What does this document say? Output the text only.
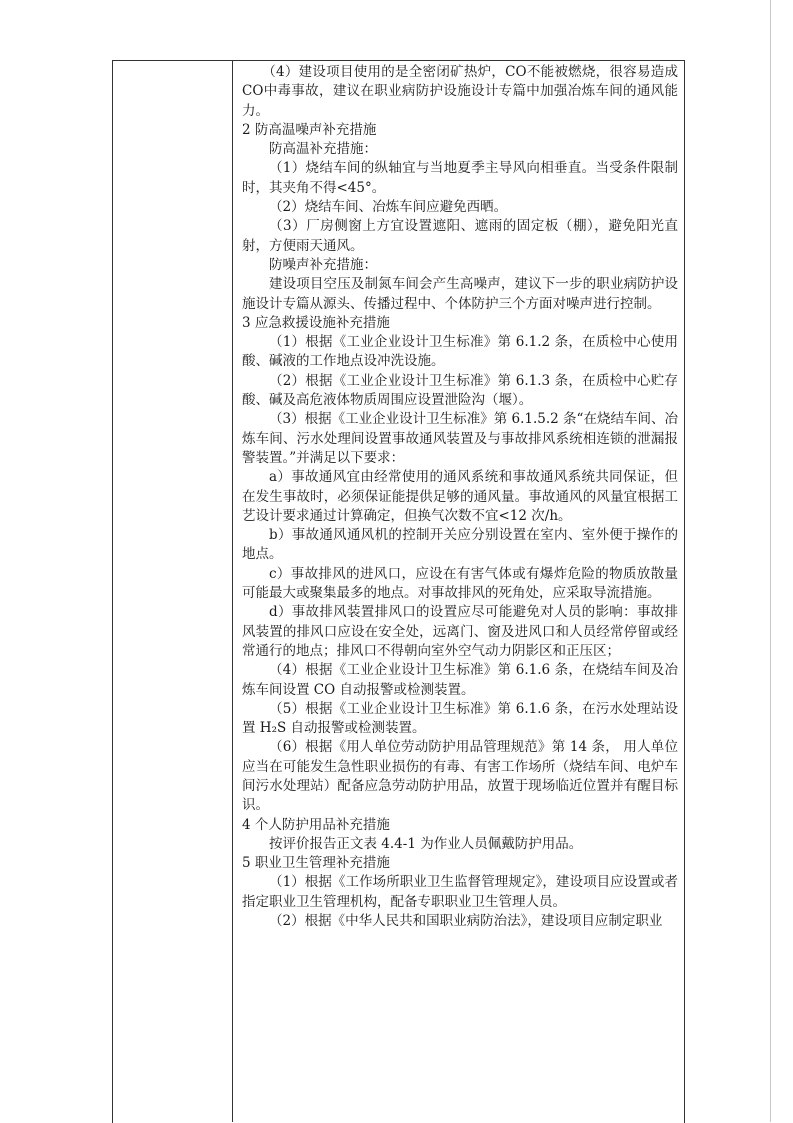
（4）建设项目使用的是全密闭矿热炉，CO不能被燃烧，很容易造成CO中毒事故，建议在职业病防护设施设计专篇中加强冶炼车间的通风能力。

2 防高温噪声补充措施

防高温补充措施：

（1）烧结车间的纵轴宜与当地夏季主导风向相垂直。当受条件限制时，其夹角不得<45°。

（2）烧结车间、冶炼车间应避免西晒。

（3）厂房侧窗上方宜设置遮阳、遮雨的固定板（棚），避免阳光直射，方便雨天通风。

防噪声补充措施：

建设项目空压及制氮车间会产生高噪声，建议下一步的职业病防护设施设计专篇从源头、传播过程中、个体防护三个方面对噪声进行控制。

3 应急救援设施补充措施

（1）根据《工业企业设计卫生标准》第 6.1.2 条，在质检中心使用酸、碱液的工作地点设冲洗设施。

（2）根据《工业企业设计卫生标准》第 6.1.3 条，在质检中心贮存酸、碱及高危液体物质周围应设置泄险沟（堰）。

（3）根据《工业企业设计卫生标准》第 6.1.5.2 条“在烧结车间、冶炼车间、污水处理间设置事故通风装置及与事故排风系统相连锁的泄漏报警装置。”并满足以下要求：

a）事故通风宜由经常使用的通风系统和事故通风系统共同保证，但在发生事故时，必须保证能提供足够的通风量。事故通风的风量宜根据工艺设计要求通过计算确定，但换气次数不宜<12 次/h。

b）事故通风通风机的控制开关应分别设置在室内、室外便于操作的地点。

c）事故排风的进风口，应设在有害气体或有爆炸危险的物质放散量可能最大或聚集最多的地点。对事故排风的死角处，应采取导流措施。

d）事故排风装置排风口的设置应尽可能避免对人员的影响：事故排风装置的排风口应设在安全处，远离门、窗及进风口和人员经常停留或经常通行的地点；排风口不得朝向室外空气动力阴影区和正压区；

（4）根据《工业企业设计卫生标准》第 6.1.6 条，在烧结车间及冶炼车间设置 CO 自动报警或检测装置。

（5）根据《工业企业设计卫生标准》第 6.1.6 条，在污水处理站设置 H₂S 自动报警或检测装置。

（6）根据《用人单位劳动防护用品管理规范》第 14 条， 用人单位应当在可能发生急性职业损伤的有毒、有害工作场所（烧结车间、电炉车间污水处理站）配备应急劳动防护用品，放置于现场临近位置并有醒目标识。

4 个人防护用品补充措施

按评价报告正文表 4.4-1 为作业人员佩戴防护用品。

5 职业卫生管理补充措施

（1）根据《工作场所职业卫生监督管理规定》，建设项目应设置或者指定职业卫生管理机构，配备专职职业卫生管理人员。

（2）根据《中华人民共和国职业病防治法》，建设项目应制定职业
